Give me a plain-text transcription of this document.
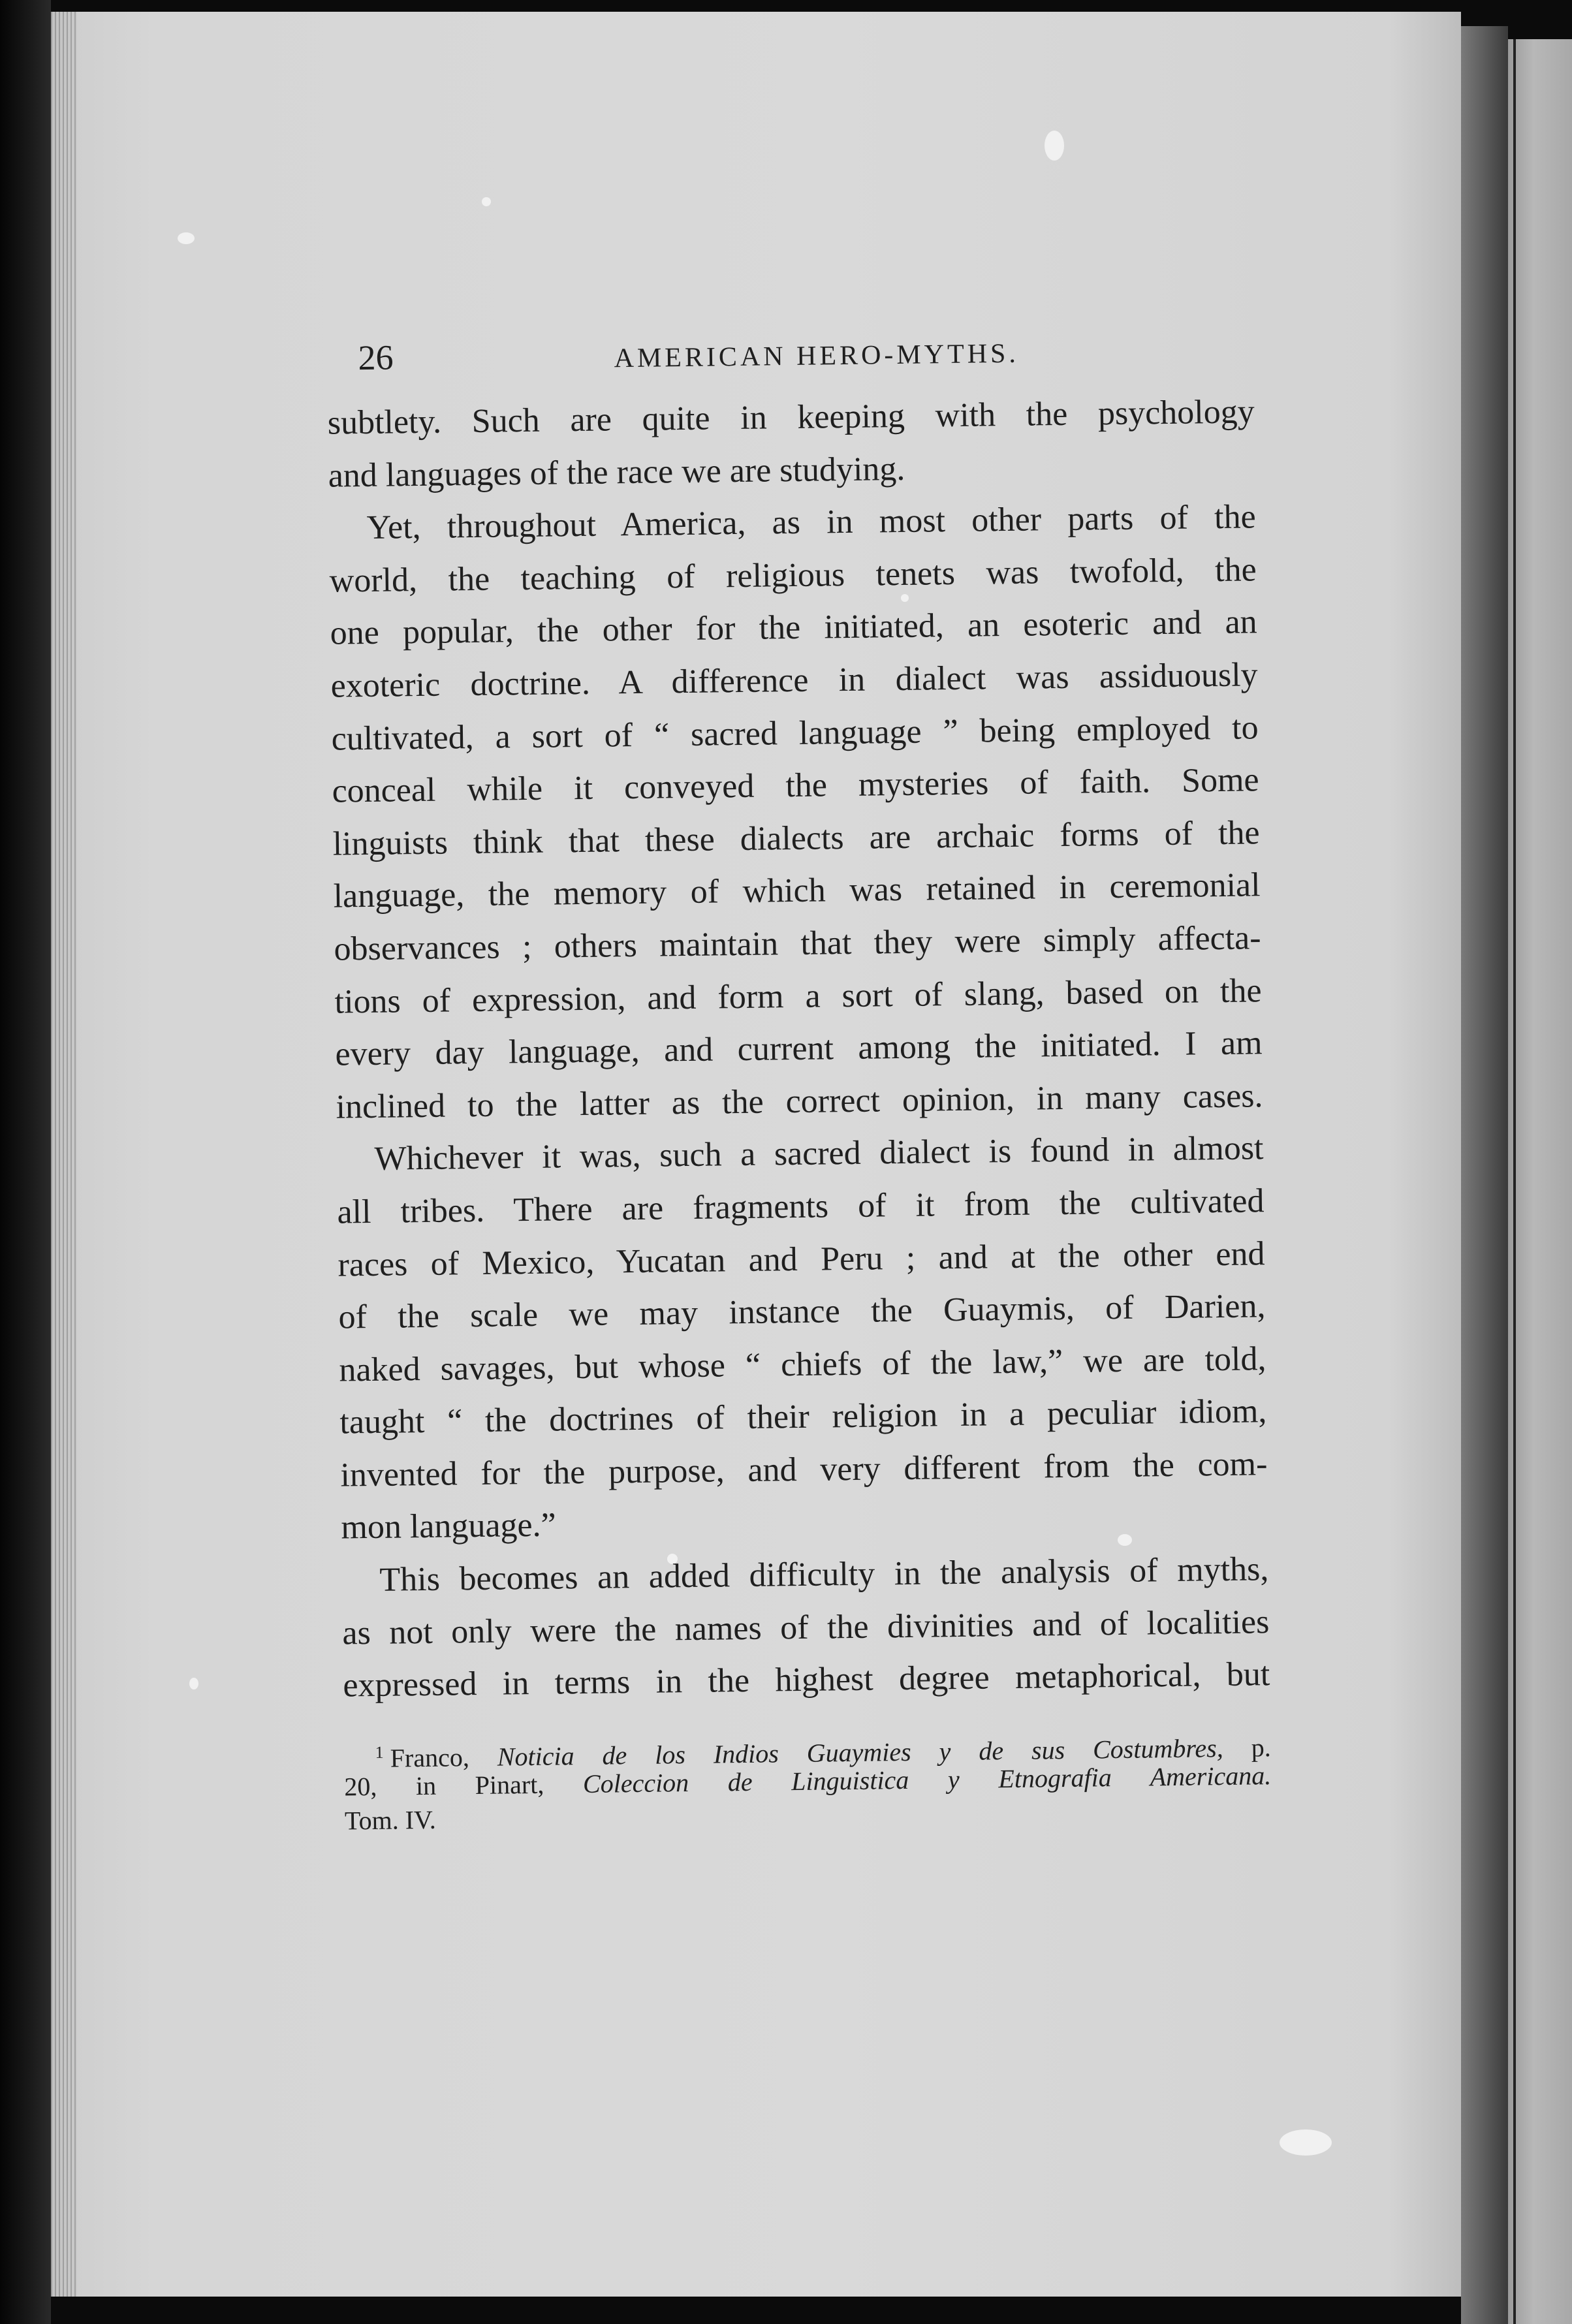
26	AMERICAN HERO-MYTHS.
subtlety. Such are quite in keeping with the psychology
and languages of the race we are studying.
Yet, throughout America, as in most other parts of the
world, the teaching of religious tenets was twofold, the
one popular, the other for the initiated, an esoteric and an
exoteric doctrine. A difference in dialect was assiduously
cultivated, a sort of “ sacred language ” being employed to
conceal while it conveyed the mysteries of faith. Some
linguists think that these dialects are archaic forms of the
language, the memory of which was retained in ceremonial
observances ; others maintain that they were simply affecta-
tions of expression, and form a sort of slang, based on the
every day language, and current among the initiated. I am
inclined to the latter as the correct opinion, in many cases.
Whichever it was, such a sacred dialect is found in almost
all tribes. There are fragments of it from the cultivated
races of Mexico, Yucatan and Peru ; and at the other end
of the scale we may instance the Guaymis, of Darien,
naked savages, but whose “ chiefs of the law,” we are told,
taught “ the doctrines of their religion in a peculiar idiom,
invented for the purpose, and very different from the com-
mon language.”
This becomes an added difficulty in the analysis of myths,
as not only were the names of the divinities and of localities
expressed in terms in the highest degree metaphorical, but
$^1$ Franco, Noticia de los Indios Guaymies y de sus Costumbres, p.
20, in Pinart, Coleccion de Linguistica y Etnografia Americana.
Tom. IV.
